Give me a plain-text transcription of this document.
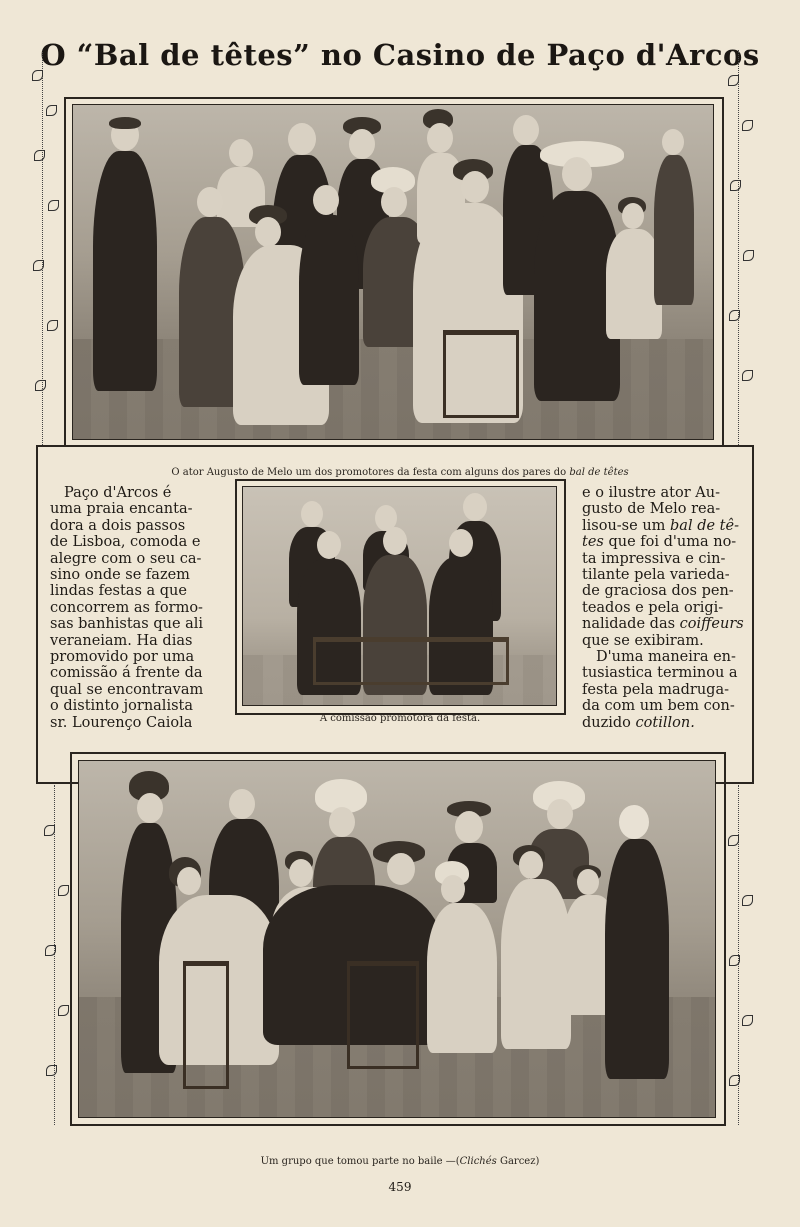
O “Bal de têtes” no Casino de Paço d'Arcos
O ator Augusto de Melo um dos promotores da festa com alguns dos pares do bal de têtes
Paço d'Arcos é
uma praia encanta-
dora a dois passos
de Lisboa, comoda e
alegre com o seu ca-
sino onde se fazem
lindas festas a que
concorrem as formo-
sas banhistas que ali
veraneiam. Ha dias
promovido por uma
comissão á frente da
qual se encontravam
o distinto jornalista
sr. Lourenço Caiola	A comissão promotora da festa.
e o ilustre ator Au-
gusto de Melo rea-
lisou-se um bal de tê-
tes que foi d'uma no-
ta impressiva e cin-
tilante pela varieda-
de graciosa dos pen-
teados e pela origi-
nalidade das coiffeurs
que se exibiram.
D'uma maneira en-
tusiastica terminou a
festa pela madruga-
da com um bem con-
duzido cotillon.
Um grupo que tomou parte no baile —(Clichés Garcez)
459
